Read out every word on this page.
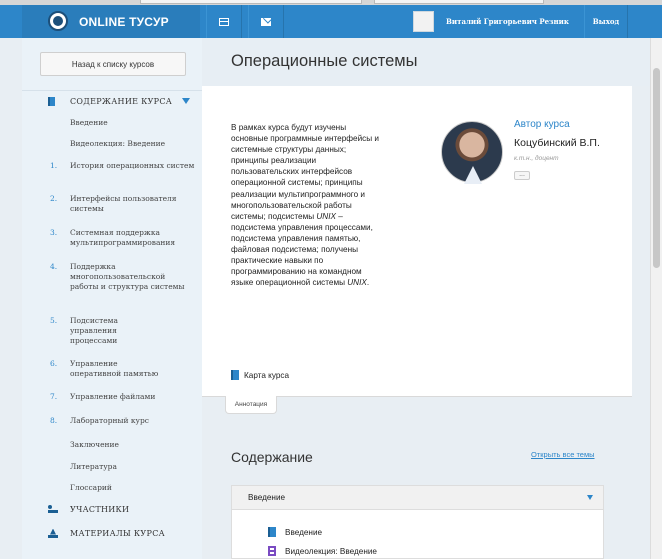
ONLINE ТУСУР	Виталий Григорьевич Резник	Выход
Назад к списку курсов
СОДЕРЖАНИЕ КУРСА
Введение
Видеолекция: Введение
1. История операционных систем
2. Интерфейсы пользователя системы
3. Системная поддержка мультипрограммирования
4. Поддержка многопользовательской работы и структура системы
5. Подсистема управления процессами
6. Управление оперативной памятью
7. Управление файлами
8. Лабораторный курс
Заключение
Литература
Глоссарий
УЧАСТНИКИ
МАТЕРИАЛЫ КУРСА
Операционные системы
В рамках курса будут изучены основные программные интерфейсы и системные структуры данных; принципы реализации пользовательских интерфейсов операционной системы; принципы реализации мультипрограммного и многопользовательской работы системы; подсистемы UNIX – подсистема управления процессами, подсистема управления памятью, файловая подсистема; получены практические навыки по программированию на командном языке операционной системы UNIX.
Автор курса
Коцубинский В.П.
к.т.н., доцент
...
Карта курса
Аннотация
Содержание	Открыть все темы
Введение
Введение
Видеолекция: Введение
